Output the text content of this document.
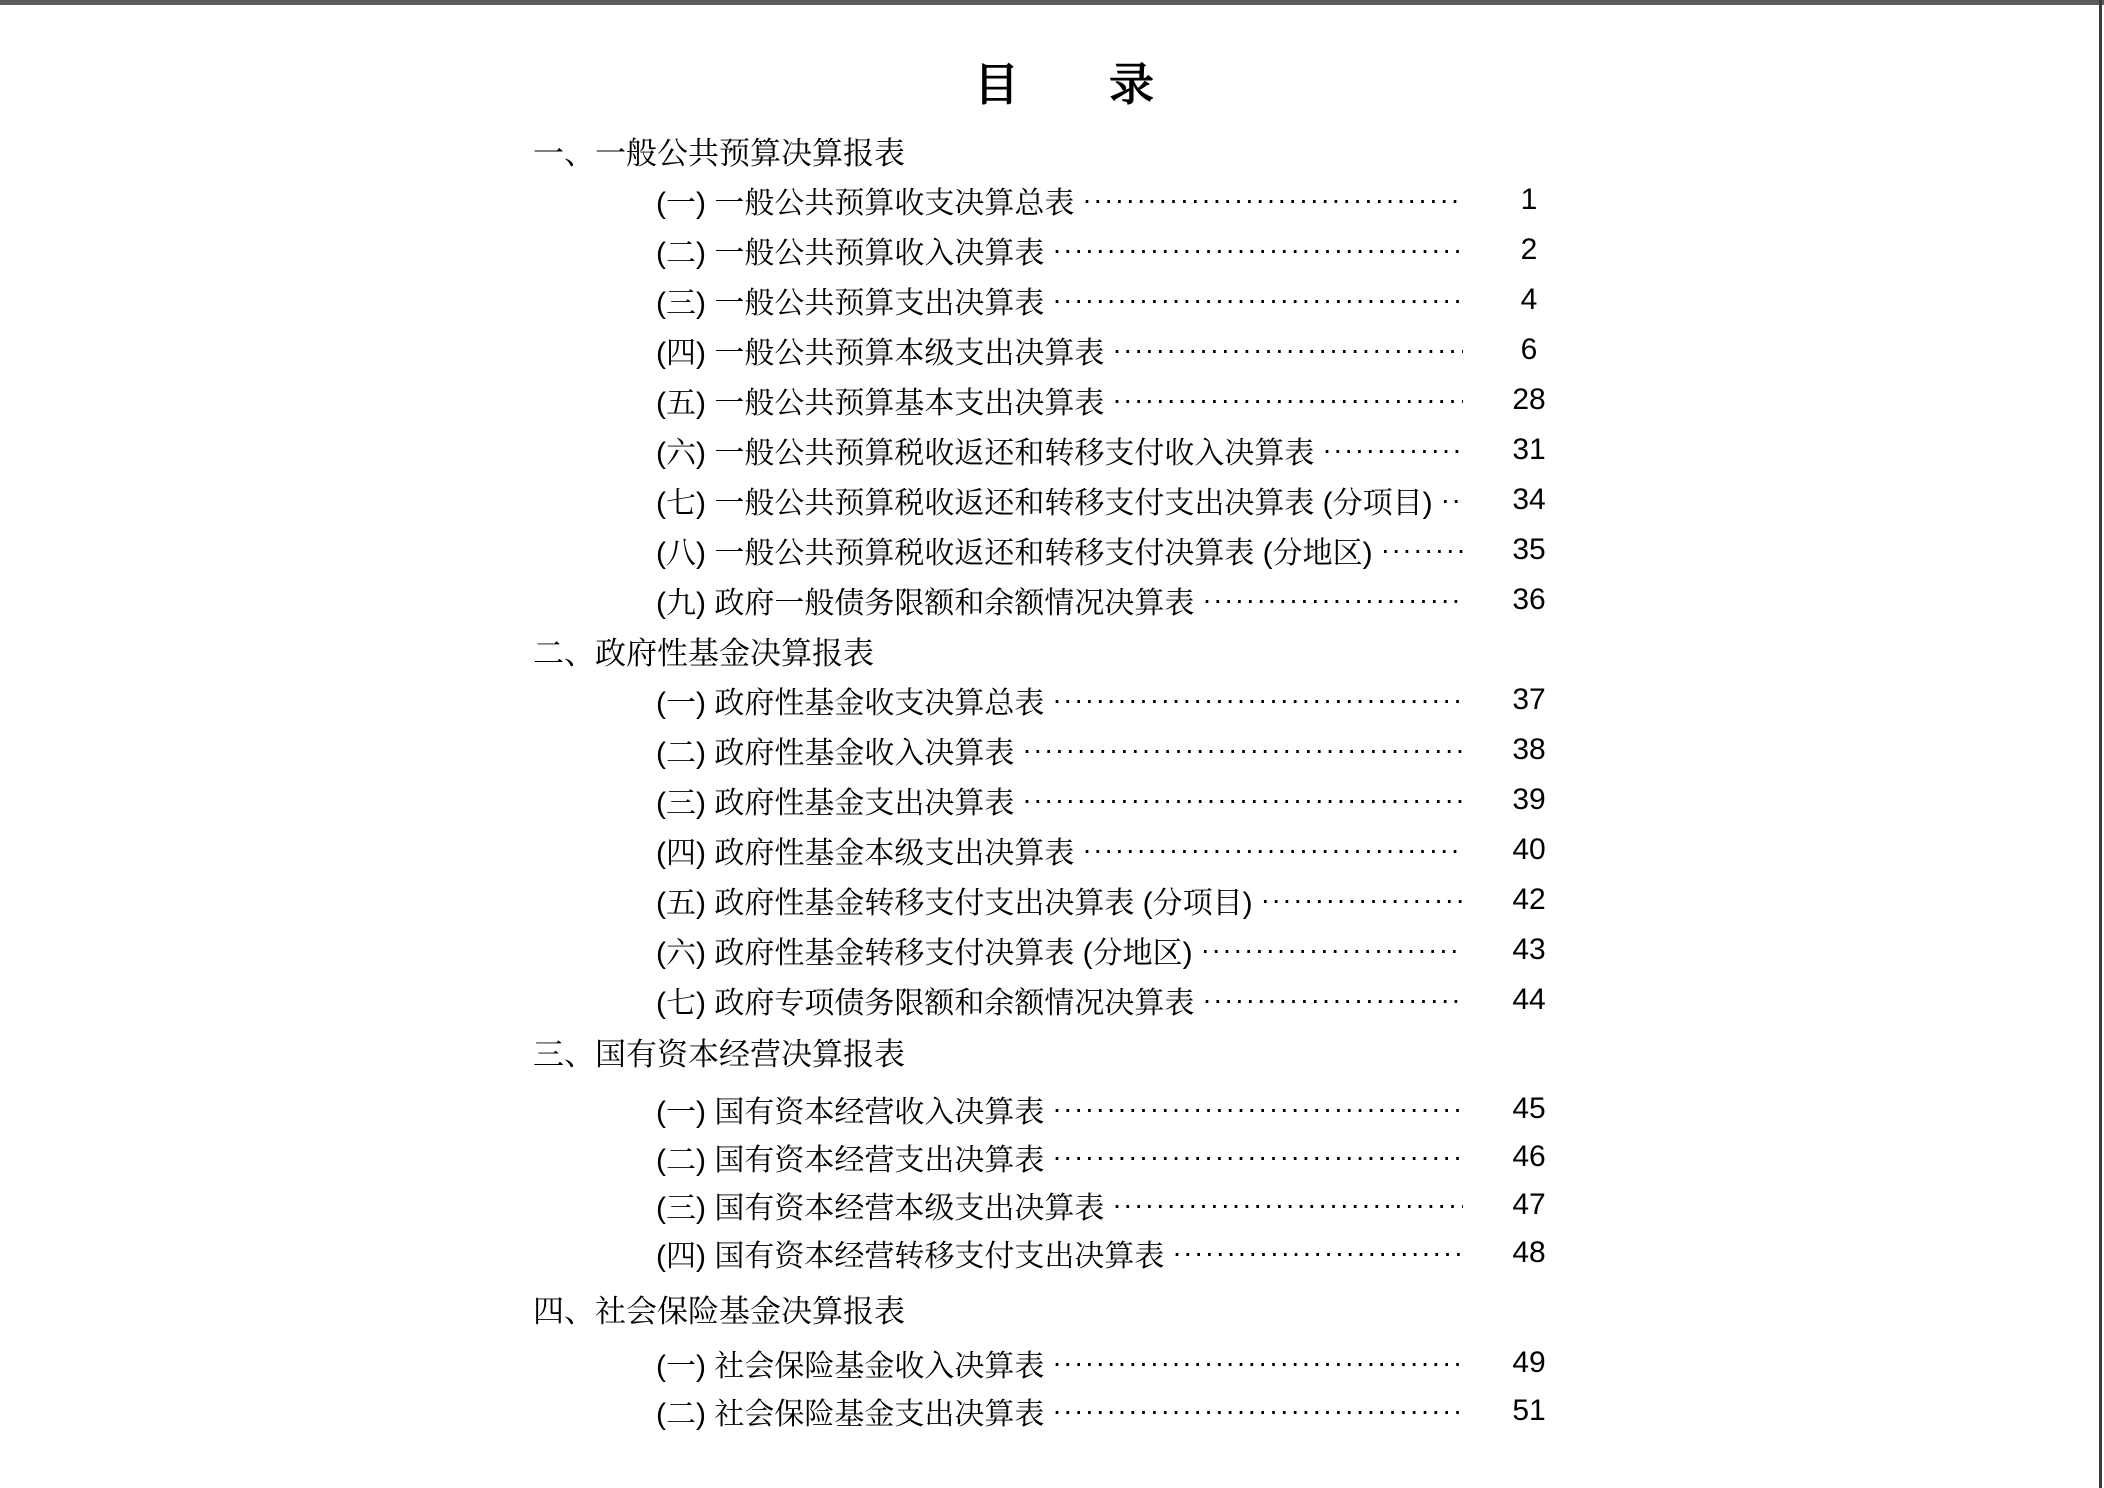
目　　录
一、一般公共预算决算报表
(一) 一般公共预算收支决算总表 ·····	1
(二) 一般公共预算收入决算表 ·····	2
(三) 一般公共预算支出决算表 ·····	4
(四) 一般公共预算本级支出决算表 ·····	6
(五) 一般公共预算基本支出决算表 ·····	28
(六) 一般公共预算税收返还和转移支付收入决算表 ·····	31
(七) 一般公共预算税收返还和转移支付支出决算表 (分项目) ·····	34
(八) 一般公共预算税收返还和转移支付决算表 (分地区) ·····	35
(九) 政府一般债务限额和余额情况决算表 ·····	36
二、政府性基金决算报表
(一) 政府性基金收支决算总表 ·····	37
(二) 政府性基金收入决算表 ·····	38
(三) 政府性基金支出决算表 ·····	39
(四) 政府性基金本级支出决算表 ·····	40
(五) 政府性基金转移支付支出决算表 (分项目) ·····	42
(六) 政府性基金转移支付决算表 (分地区) ·····	43
(七) 政府专项债务限额和余额情况决算表 ·····	44
三、国有资本经营决算报表
(一) 国有资本经营收入决算表 ·····	45
(二) 国有资本经营支出决算表 ·····	46
(三) 国有资本经营本级支出决算表 ·····	47
(四) 国有资本经营转移支付支出决算表 ·····	48
四、社会保险基金决算报表
(一) 社会保险基金收入决算表 ·····	49
(二) 社会保险基金支出决算表 ·····	51
